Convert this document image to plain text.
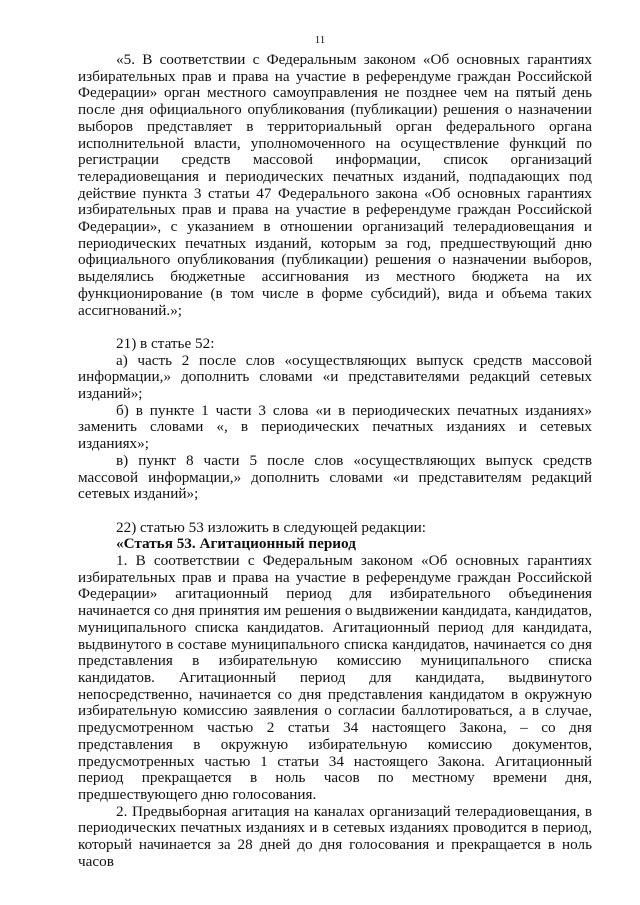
11

«5. В соответствии с Федеральным законом «Об основных гарантиях избирательных прав и права на участие в референдуме граждан Российской Федерации» орган местного самоуправления не позднее чем на пятый день после дня официального опубликования (публикации) решения о назначении выборов представляет в территориальный орган федерального органа исполнительной власти, уполномоченного на осуществление функций по регистрации средств массовой информации, список организаций телерадиовещания и периодических печатных изданий, подпадающих под действие пункта 3 статьи 47 Федерального закона «Об основных гарантиях избирательных прав и права на участие в референдуме граждан Российской Федерации», с указанием в отношении организаций телерадиовещания и периодических печатных изданий, которым за год, предшествующий дню официального опубликования (публикации) решения о назначении выборов, выделялись бюджетные ассигнования из местного бюджета на их функционирование (в том числе в форме субсидий), вида и объема таких ассигнований.»;

21) в статье 52:

а) часть 2 после слов «осуществляющих выпуск средств массовой информации,» дополнить словами «и представителями редакций сетевых изданий»;

б) в пункте 1 части 3 слова «и в периодических печатных изданиях» заменить словами «, в периодических печатных изданиях и сетевых изданиях»;

в) пункт 8 части 5 после слов «осуществляющих выпуск средств массовой информации,» дополнить словами «и представителям редакций сетевых изданий»;

22) статью 53 изложить в следующей редакции:

«Статья 53. Агитационный период

1. В соответствии с Федеральным законом «Об основных гарантиях избирательных прав и права на участие в референдуме граждан Российской Федерации» агитационный период для избирательного объединения начинается со дня принятия им решения о выдвижении кандидата, кандидатов, муниципального списка кандидатов. Агитационный период для кандидата, выдвинутого в составе муниципального списка кандидатов, начинается со дня представления в избирательную комиссию муниципального списка кандидатов. Агитационный период для кандидата, выдвинутого непосредственно, начинается со дня представления кандидатом в окружную избирательную комиссию заявления о согласии баллотироваться, а в случае, предусмотренном частью 2 статьи 34 настоящего Закона, – со дня представления в окружную избирательную комиссию документов, предусмотренных частью 1 статьи 34 настоящего Закона. Агитационный период прекращается в ноль часов по местному времени дня, предшествующего дню голосования.

2. Предвыборная агитация на каналах организаций телерадиовещания, в периодических печатных изданиях и в сетевых изданиях проводится в период, который начинается за 28 дней до дня голосования и прекращается в ноль часов
